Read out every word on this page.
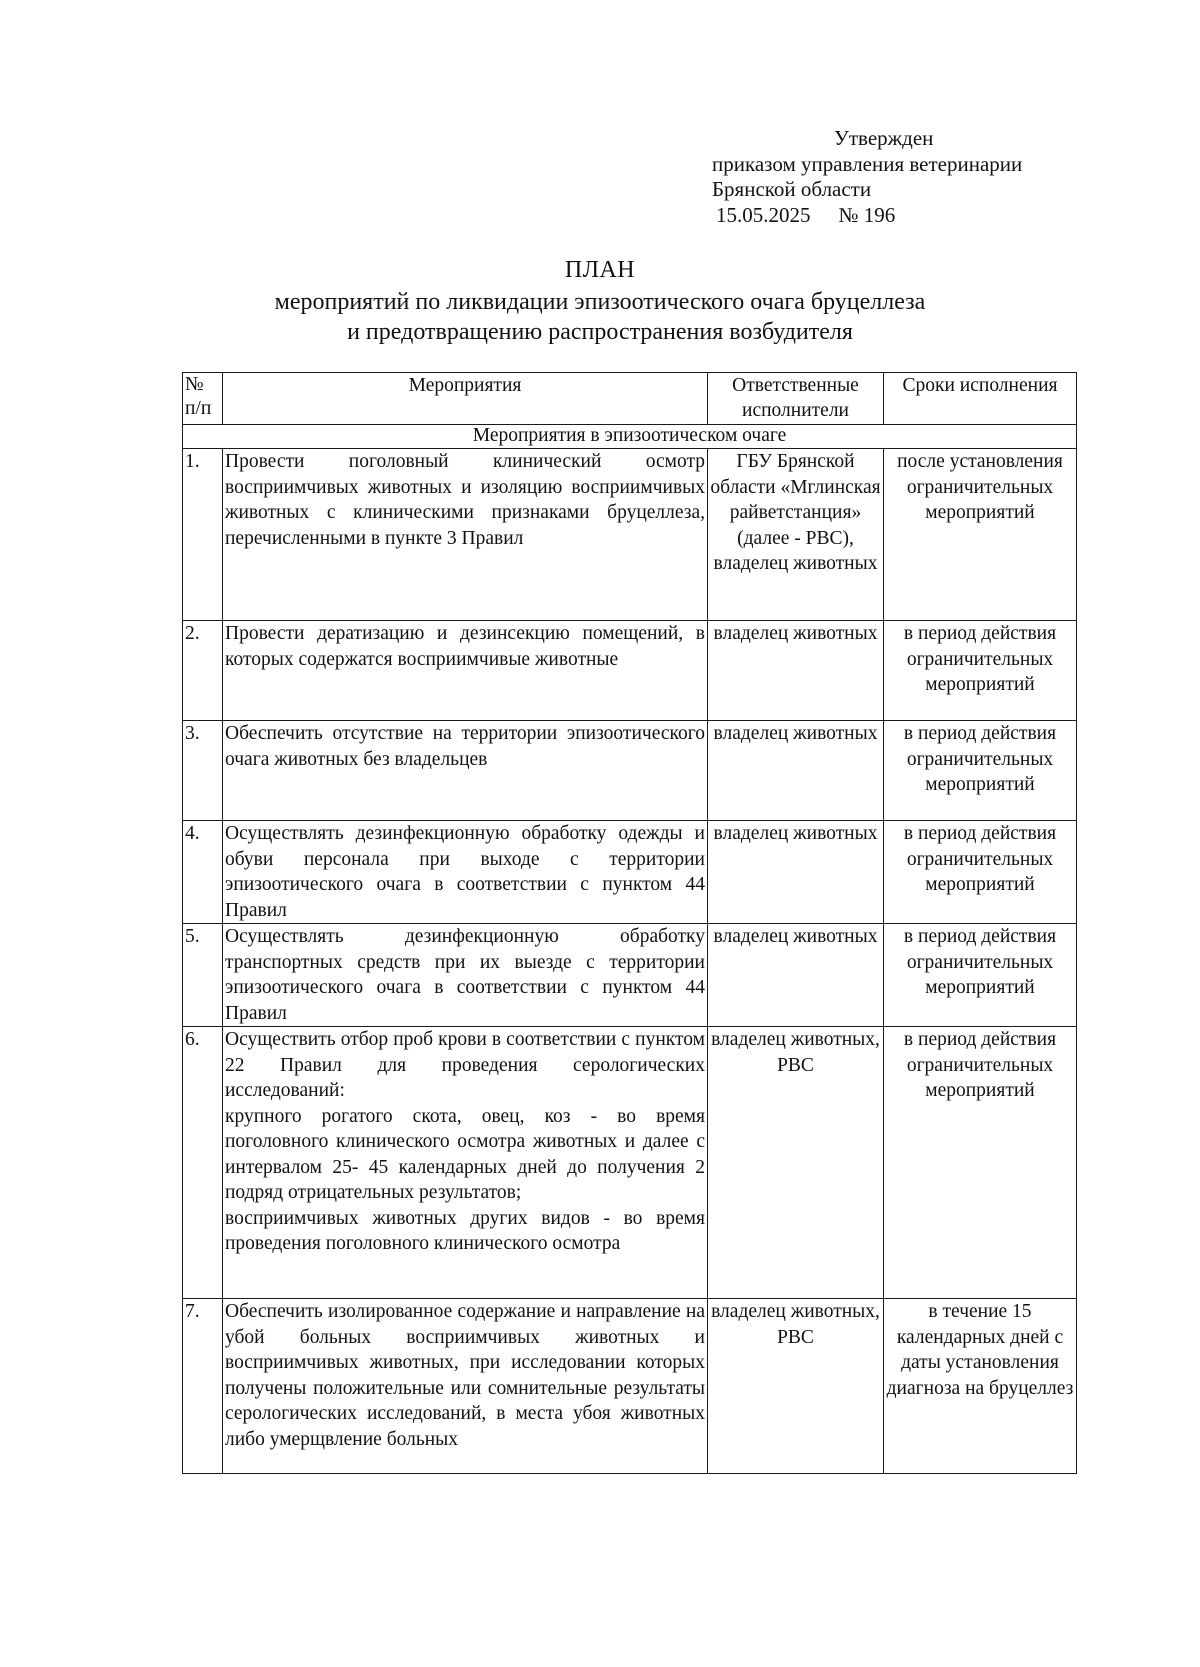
Утвержден
приказом управления ветеринарии
Брянской области
15.05.2025 № 196
ПЛАН
мероприятий по ликвидации эпизоотического очага бруцеллеза
и предотвращению распространения возбудителя
№ п/п	Мероприятия	Ответственные исполнители	Сроки исполнения
Мероприятия в эпизоотическом очаге			
1.	Провести поголовный клинический осмотр восприимчивых животных и изоляцию восприимчивых животных с клиническими признаками бруцеллеза, перечисленными в пункте 3 Правил	ГБУ Брянской области «Мглинская райветстанция» (далее - РВС), владелец животных	после установления ограничительных мероприятий
2.	Провести дератизацию и дезинсекцию помещений, в которых содержатся восприимчивые животные	владелец животных	в период действия ограничительных мероприятий
3.	Обеспечить отсутствие на территории эпизоотического очага животных без владельцев	владелец животных	в период действия ограничительных мероприятий
4.	Осуществлять дезинфекционную обработку одежды и обуви персонала при выходе с территории эпизоотического очага в соответствии с пунктом 44 Правил	владелец животных	в период действия ограничительных мероприятий
5.	Осуществлять дезинфекционную обработку транспортных средств при их выезде с территории эпизоотического очага в соответствии с пунктом 44 Правил	владелец животных	в период действия ограничительных мероприятий
6.	Осуществить отбор проб крови в соответствии с пунктом 22 Правил для проведения серологических исследований:
крупного рогатого скота, овец, коз - во время поголовного клинического осмотра животных и далее с интервалом 25- 45 календарных дней до получения 2 подряд отрицательных результатов;
восприимчивых животных других видов - во время проведения поголовного клинического осмотра	владелец животных, РВС	в период действия ограничительных мероприятий
7.	Обеспечить изолированное содержание и направление на убой больных восприимчивых животных и восприимчивых животных, при исследовании которых получены положительные или сомнительные результаты серологических исследований, в места убоя животных либо умерщвление больных	владелец животных, РВС	в течение 15 календарных дней с даты установления диагноза на бруцеллез
